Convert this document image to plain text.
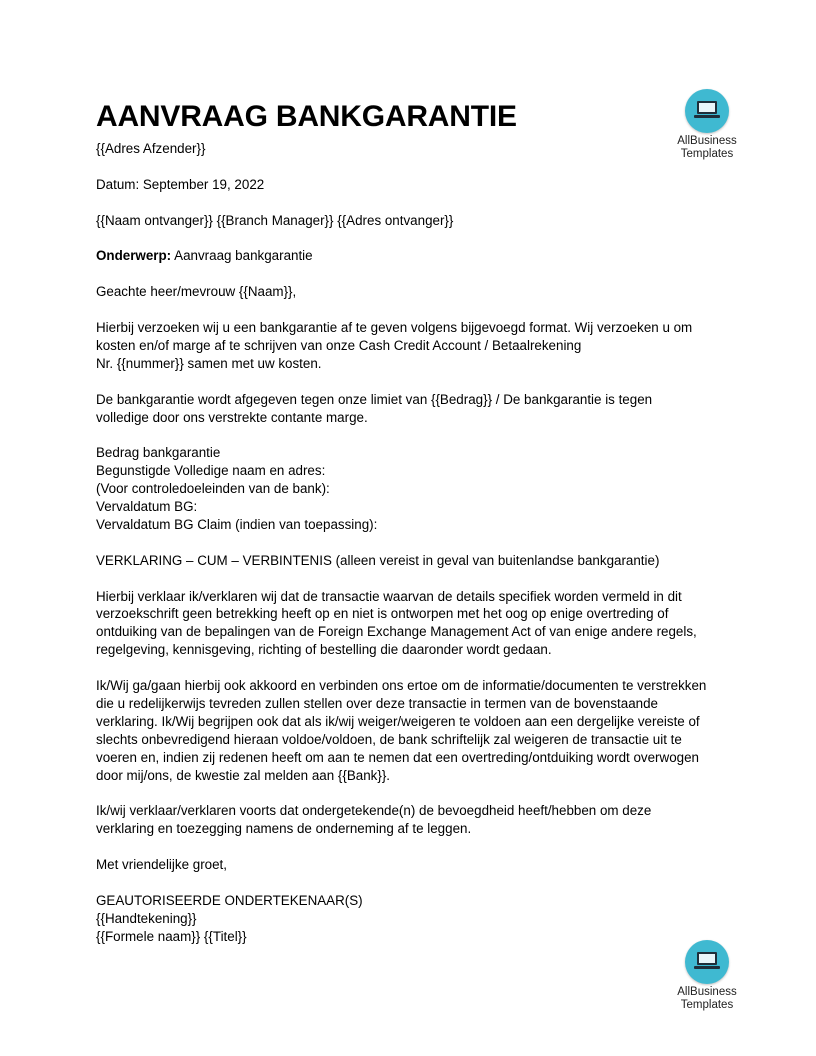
AllBusiness
Templates
AllBusiness
Templates
AANVRAAG BANKGARANTIE

{{Adres Afzender}}

Datum: September 19, 2022

{{Naam ontvanger}} {{Branch Manager}} {{Adres ontvanger}}

Onderwerp: Aanvraag bankgarantie

Geachte heer/mevrouw {{Naam}},

Hierbij verzoeken wij u een bankgarantie af te geven volgens bijgevoegd format. Wij verzoeken u om
kosten en/of marge af te schrijven van onze Cash Credit Account / Betaalrekening
Nr. {{nummer}} samen met uw kosten.

De bankgarantie wordt afgegeven tegen onze limiet van {{Bedrag}} / De bankgarantie is tegen
volledige door ons verstrekte contante marge.

Bedrag bankgarantie
Begunstigde Volledige naam en adres:
(Voor controledoeleinden van de bank):
Vervaldatum BG:
Vervaldatum BG Claim (indien van toepassing):

VERKLARING – CUM – VERBINTENIS (alleen vereist in geval van buitenlandse bankgarantie)

Hierbij verklaar ik/verklaren wij dat de transactie waarvan de details specifiek worden vermeld in dit
verzoekschrift geen betrekking heeft op en niet is ontworpen met het oog op enige overtreding of
ontduiking van de bepalingen van de Foreign Exchange Management Act of van enige andere regels,
regelgeving, kennisgeving, richting of bestelling die daaronder wordt gedaan.

Ik/Wij ga/gaan hierbij ook akkoord en verbinden ons ertoe om de informatie/documenten te verstrekken
die u redelijkerwijs tevreden zullen stellen over deze transactie in termen van de bovenstaande
verklaring. Ik/Wij begrijpen ook dat als ik/wij weiger/weigeren te voldoen aan een dergelijke vereiste of
slechts onbevredigend hieraan voldoe/voldoen, de bank schriftelijk zal weigeren de transactie uit te
voeren en, indien zij redenen heeft om aan te nemen dat een overtreding/ontduiking wordt overwogen
door mij/ons, de kwestie zal melden aan {{Bank}}.

Ik/wij verklaar/verklaren voorts dat ondergetekende(n) de bevoegdheid heeft/hebben om deze
verklaring en toezegging namens de onderneming af te leggen.

Met vriendelijke groet,

GEAUTORISEERDE ONDERTEKENAAR(S)
{{Handtekening}}
{{Formele naam}} {{Titel}}
